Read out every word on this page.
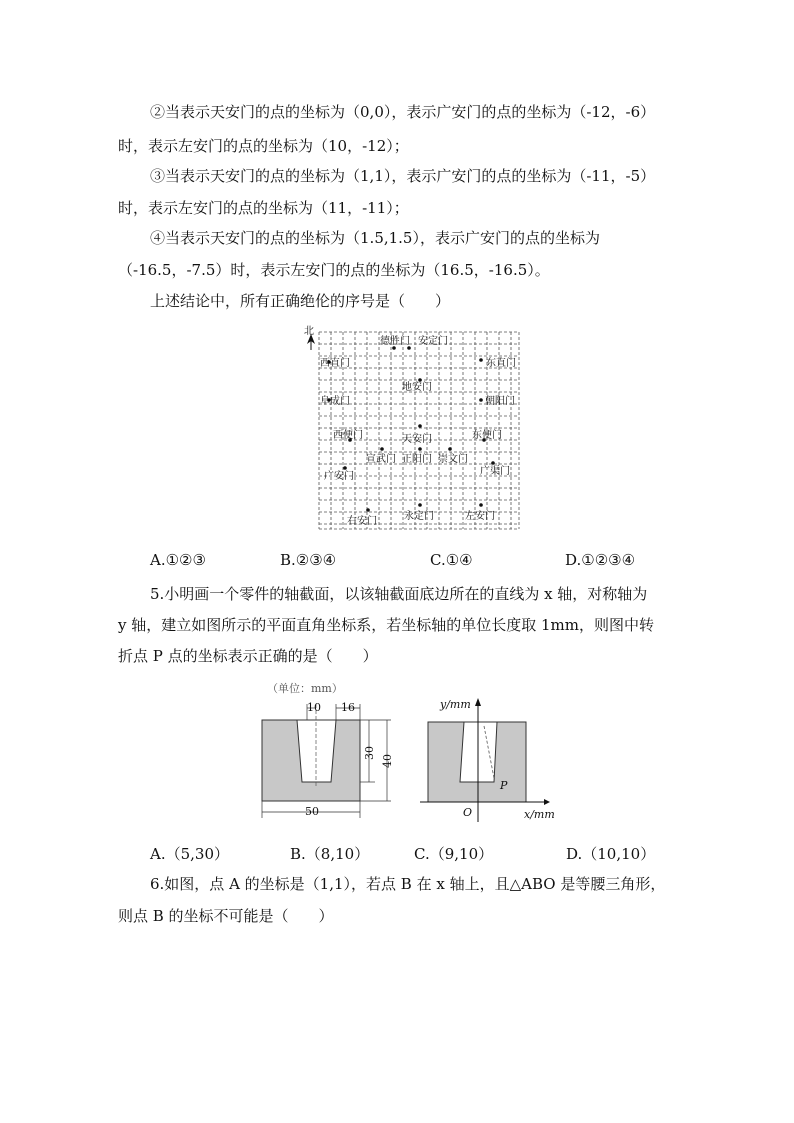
②当表示天安门的点的坐标为（0,0），表示广安门的点的坐标为（-12，-6）
时，表示左安门的点的坐标为（10，-12）；
③当表示天安门的点的坐标为（1,1），表示广安门的点的坐标为（-11，-5）
时，表示左安门的点的坐标为（11，-11）；
④当表示天安门的点的坐标为（1.5,1.5），表示广安门的点的坐标为
（-16.5，-7.5）时，表示左安门的点的坐标为（16.5，-16.5）。
上述结论中，所有正确绝伦的序号是（　　）
北
德胜门 安定门
西直门	东直门
地安门
阜成门	朝阳门
西便门	天安门	东便门
宣武门 正阳门 崇文门
广渠门
广安门
右安门	永定门	左安门
A.①②③	B.②③④	C.①④	D.①②③④
5.小明画一个零件的轴截面，以该轴截面底边所在的直线为 x 轴，对称轴为
y 轴，建立如图所示的平面直角坐标系，若坐标轴的单位长度取 1mm，则图中转
折点 P 点的坐标表示正确的是（　　）
（单位：mm）
10 16
30
40
50
y/mm
x/mm
O
P
A.（5,30）	B.（8,10）	C.（9,10）	D.（10,10）
6.如图，点 A 的坐标是（1,1），若点 B 在 x 轴上，且△ABO 是等腰三角形，
则点 B 的坐标不可能是（　　）
